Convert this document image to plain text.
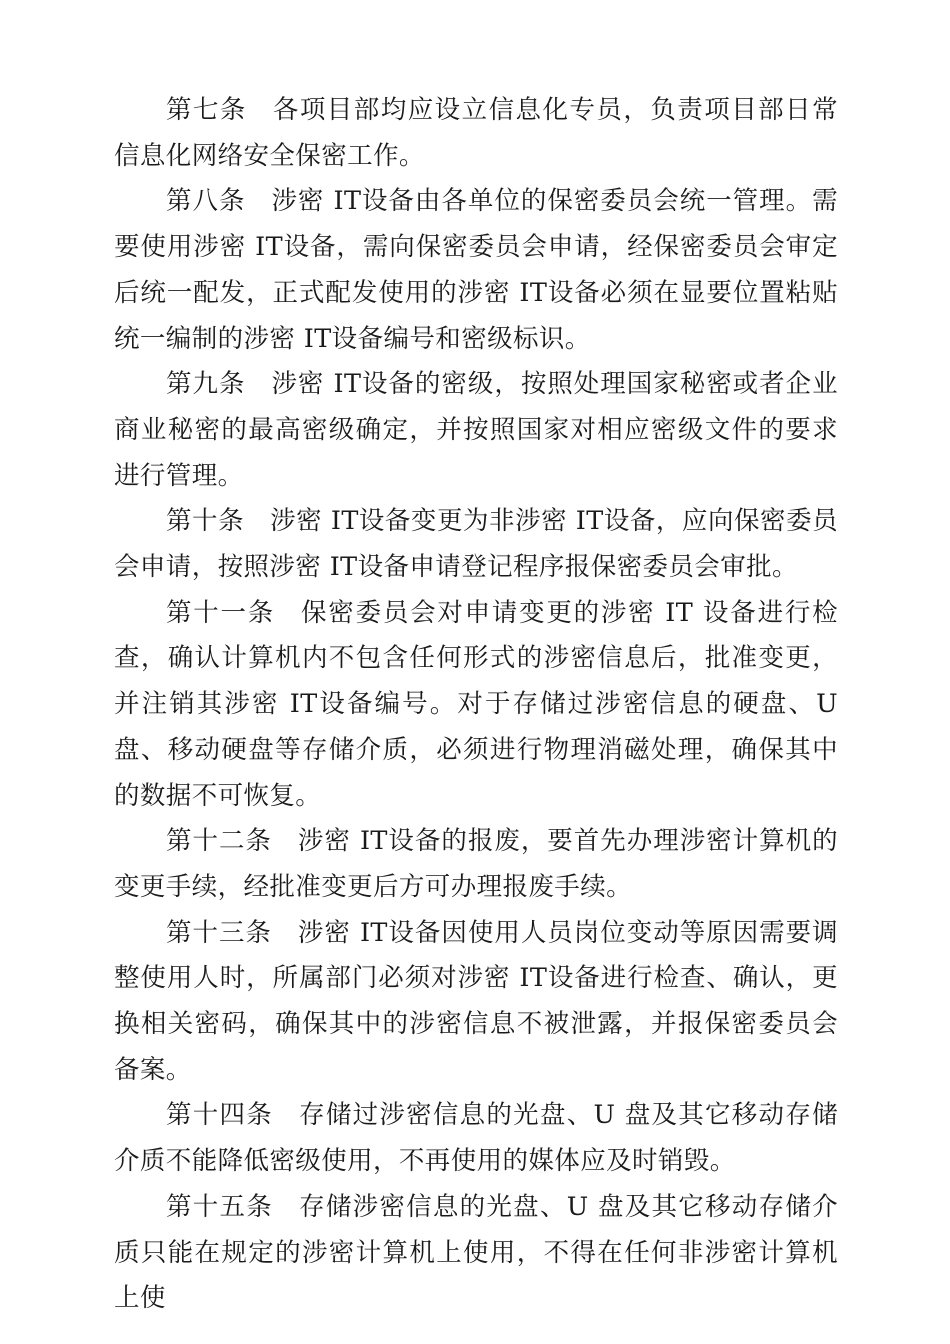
第七条 各项目部均应设立信息化专员，负责项目部日常信息化网络安全保密工作。

第八条 涉密 IT设备由各单位的保密委员会统一管理。需要使用涉密 IT设备，需向保密委员会申请，经保密委员会审定后统一配发，正式配发使用的涉密 IT设备必须在显要位置粘贴统一编制的涉密 IT设备编号和密级标识。

第九条 涉密 IT设备的密级，按照处理国家秘密或者企业商业秘密的最高密级确定，并按照国家对相应密级文件的要求进行管理。

第十条 涉密 IT设备变更为非涉密 IT设备，应向保密委员会申请，按照涉密 IT设备申请登记程序报保密委员会审批。

第十一条 保密委员会对申请变更的涉密 IT 设备进行检查，确认计算机内不包含任何形式的涉密信息后，批准变更，并注销其涉密 IT设备编号。对于存储过涉密信息的硬盘、U 盘、移动硬盘等存储介质，必须进行物理消磁处理，确保其中的数据不可恢复。

第十二条 涉密 IT设备的报废，要首先办理涉密计算机的变更手续，经批准变更后方可办理报废手续。

第十三条 涉密 IT设备因使用人员岗位变动等原因需要调整使用人时，所属部门必须对涉密 IT设备进行检查、确认，更换相关密码，确保其中的涉密信息不被泄露，并报保密委员会备案。

第十四条 存储过涉密信息的光盘、U 盘及其它移动存储介质不能降低密级使用，不再使用的媒体应及时销毁。

第十五条 存储涉密信息的光盘、U 盘及其它移动存储介质只能在规定的涉密计算机上使用，不得在任何非涉密计算机上使
